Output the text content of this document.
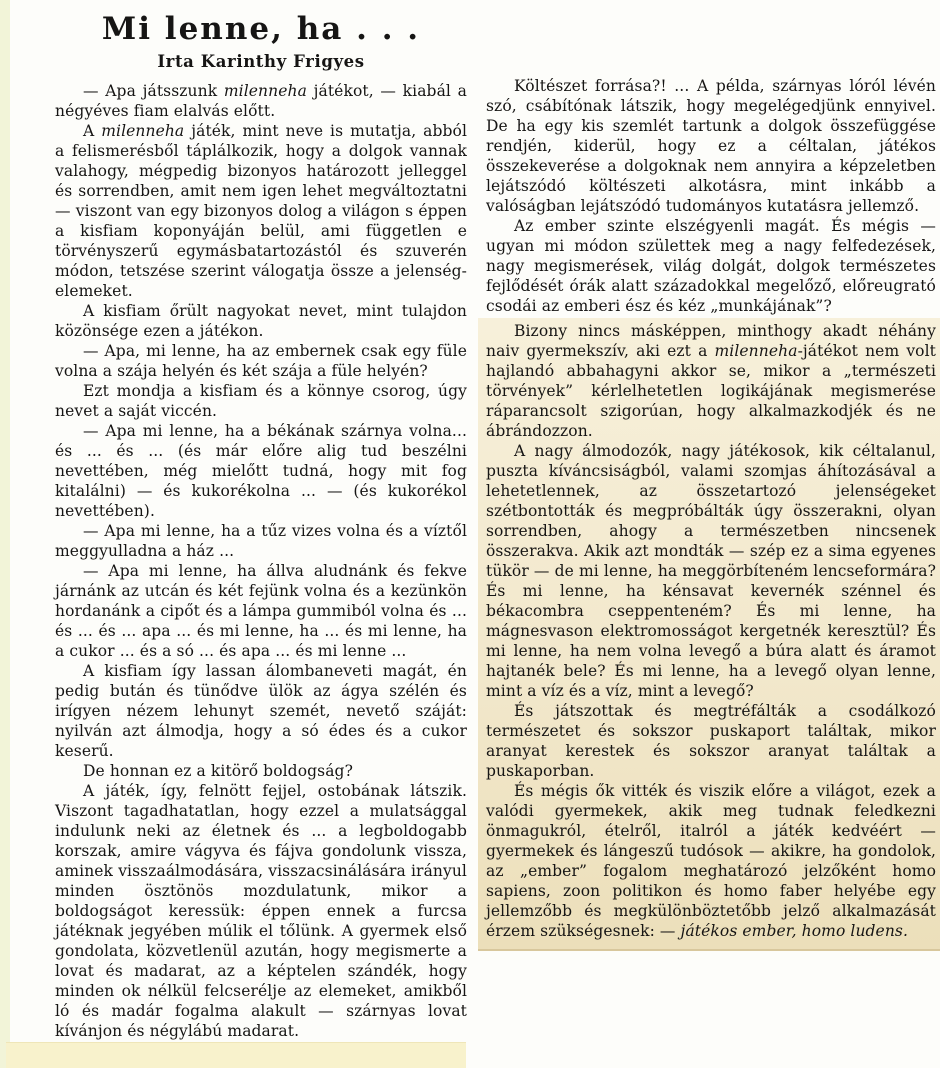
Mi lenne, ha . . .
Irta Karinthy Frigyes

— Apa játsszunk milenneha játékot, — kiabál a négyéves fiam elalvás előtt.

A milenneha játék, mint neve is mutatja, abból a felismerésből táplálkozik, hogy a dolgok vannak valahogy, mégpedig bizonyos határozott jelleggel és sorrendben, amit nem igen lehet megváltoztatni — viszont van egy bizonyos dolog a világon s éppen a kisfiam koponyáján belül, ami független e törvényszerű egymásbatartozástól és szuverén módon, tetszése szerint válogatja össze a jelenség-elemeket.

A kisfiam őrült nagyokat nevet, mint tulajdon közönsége ezen a játékon.

— Apa, mi lenne, ha az embernek csak egy füle volna a szája helyén és két szája a füle helyén?

Ezt mondja a kisfiam és a könnye csorog, úgy nevet a saját viccén.

— Apa mi lenne, ha a békának szárnya volna... és ... és ... (és már előre alig tud beszélni nevettében, még mielőtt tudná, hogy mit fog kitalálni) — és kukorékolna ... — (és kukorékol nevettében).

— Apa mi lenne, ha a tűz vizes volna és a víztől meggyulladna a ház ...

— Apa mi lenne, ha állva aludnánk és fekve járnánk az utcán és két fejünk volna és a kezünkön hordanánk a cipőt és a lámpa gummiból volna és ... és ... és ... apa ... és mi lenne, ha ... és mi lenne, ha a cukor ... és a só ... és apa ... és mi lenne ...

A kisfiam így lassan álombaneveti magát, én pedig bután és tünődve ülök az ágya szélén és irígyen nézem lehunyt szemét, nevető száját: nyilván azt álmodja, hogy a só édes és a cukor keserű.

De honnan ez a kitörő boldogság?

A játék, így, felnött fejjel, ostobának látszik. Viszont tagadhatatlan, hogy ezzel a mulatsággal indulunk neki az életnek és ... a legboldogabb korszak, amire vágyva és fájva gondolunk vissza, aminek visszaálmodására, visszacsinálására irányul minden ösztönös mozdulatunk, mikor a boldogságot keressük: éppen ennek a furcsa játéknak jegyében múlik el tőlünk. A gyermek első gondolata, közvetlenül azután, hogy megismerte a lovat és madarat, az a képtelen szándék, hogy minden ok nélkül felcserélje az elemeket, amikből ló és madár fogalma alakult — szárnyas lovat kívánjon és négylábú madarat.

Költészet forrása?! ... A példa, szárnyas lóról lévén szó, csábítónak látszik, hogy megelégedjünk ennyivel. De ha egy kis szemlét tartunk a dolgok összefüggése rendjén, kiderül, hogy ez a céltalan, játékos összekeverése a dolgoknak nem annyira a képzeletben lejátszódó költészeti alkotásra, mint inkább a valóságban lejátszódó tudományos kutatásra jellemző.

Az ember szinte elszégyenli magát. És mégis — ugyan mi módon születtek meg a nagy felfedezések, nagy megismerések, világ dolgát, dolgok természetes fejlődését órák alatt századokkal megelőző, előreugrató csodái az emberi ész és kéz „munkájának”?

Bizony nincs másképpen, minthogy akadt néhány naiv gyermekszív, aki ezt a milenneha-játékot nem volt hajlandó abbahagyni akkor se, mikor a „természeti törvények” kérlelhetetlen logikájának megismerése ráparancsolt szigorúan, hogy alkalmazkodjék és ne ábrándozzon.

A nagy álmodozók, nagy játékosok, kik céltalanul, puszta kíváncsiságból, valami szomjas áhítozásával a lehetetlennek, az összetartozó jelenségeket szétbontották és megpróbálták úgy összerakni, olyan sorrendben, ahogy a természetben nincsenek összerakva. Akik azt mondták — szép ez a sima egyenes tükör — de mi lenne, ha meggörbíteném lencseformára? És mi lenne, ha kénsavat kevernék szénnel és békacombra cseppenteném? És mi lenne, ha mágnesvason elektromosságot kergetnék keresztül? És mi lenne, ha nem volna levegő a búra alatt és áramot hajtanék bele? És mi lenne, ha a levegő olyan lenne, mint a víz és a víz, mint a levegő?

És játszottak és megtréfálták a csodálkozó természetet és sokszor puskaport találtak, mikor aranyat kerestek és sokszor aranyat találtak a puskaporban.

És mégis ők vitték és viszik előre a világot, ezek a valódi gyermekek, akik meg tudnak feledkezni önmagukról, ételről, italról a játék kedvéért — gyermekek és lángeszű tudósok — akikre, ha gondolok, az „ember” fogalom meghatározó jelzőként homo sapiens, zoon politikon és homo faber helyébe egy jellemzőbb és megkülönböztetőbb jelző alkalmazását érzem szükségesnek: — játékos ember, homo ludens.
